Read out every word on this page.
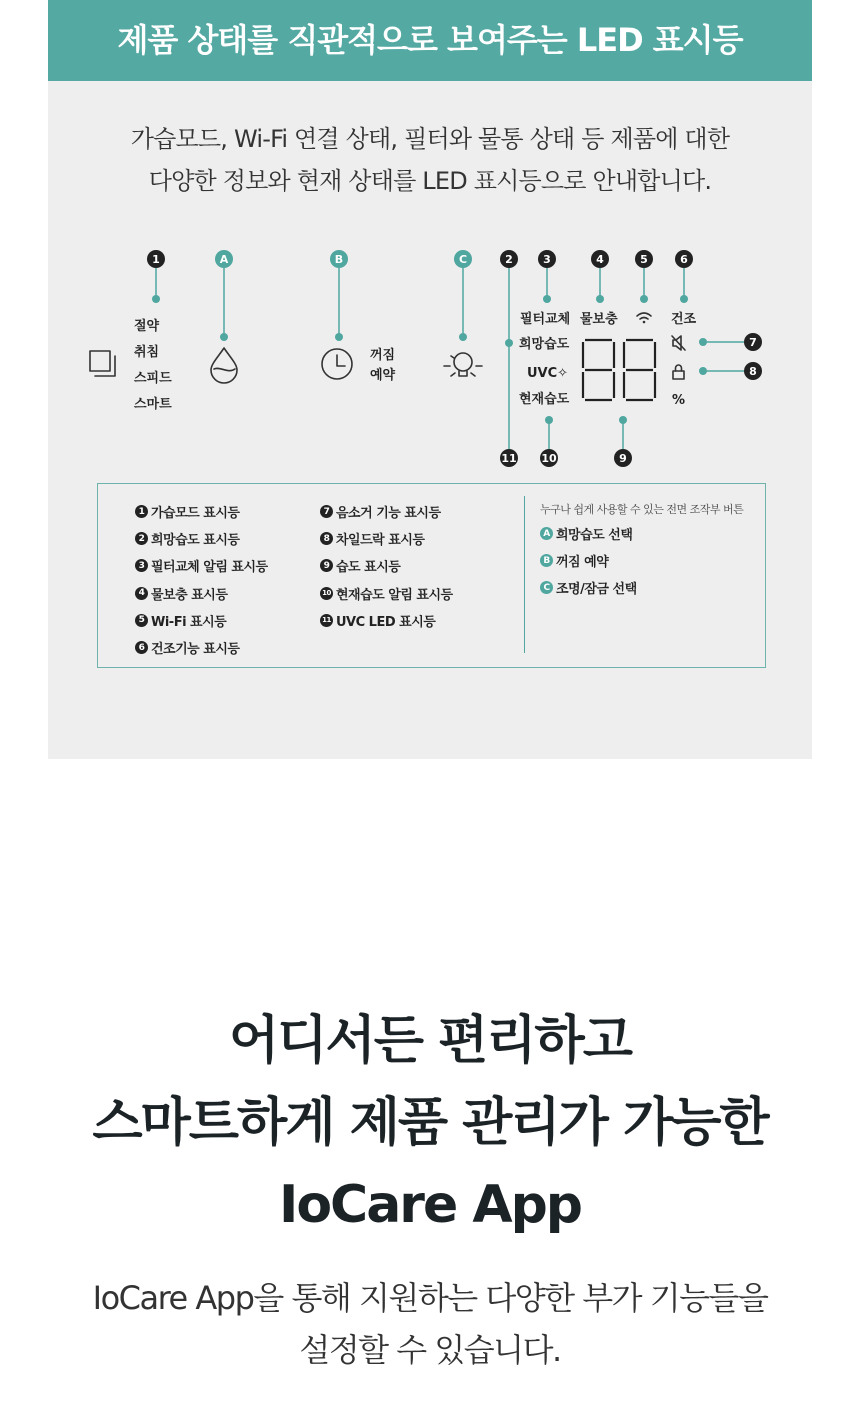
제품 상태를 직관적으로 보여주는 LED 표시등
가습모드, Wi-Fi 연결 상태, 필터와 물통 상태 등 제품에 대한
다양한 정보와 현재 상태를 LED 표시등으로 안내합니다.
1	A	B	C	2	3	4	5	6
7
8
9
10
11
절약
취침
스피드
스마트
꺼짐
예약
필터교체 물보충	건조
희망습도
UVC✧
현재습도	%
1 가습모드 표시등
2 희망습도 표시등
3 필터교체 알림 표시등
4 물보충 표시등
5 Wi-Fi 표시등
6 건조기능 표시등
7 음소거 기능 표시등
8 차일드락 표시등
9 습도 표시등
10 현재습도 알림 표시등
11 UVC LED 표시등
누구나 쉽게 사용할 수 있는 전면 조작부 버튼
A 희망습도 선택
B 꺼짐 예약
C 조명/잠금 선택
어디서든 편리하고
스마트하게 제품 관리가 가능한
IoCare App
IoCare App을 통해 지원하는 다양한 부가 기능들을
설정할 수 있습니다.
